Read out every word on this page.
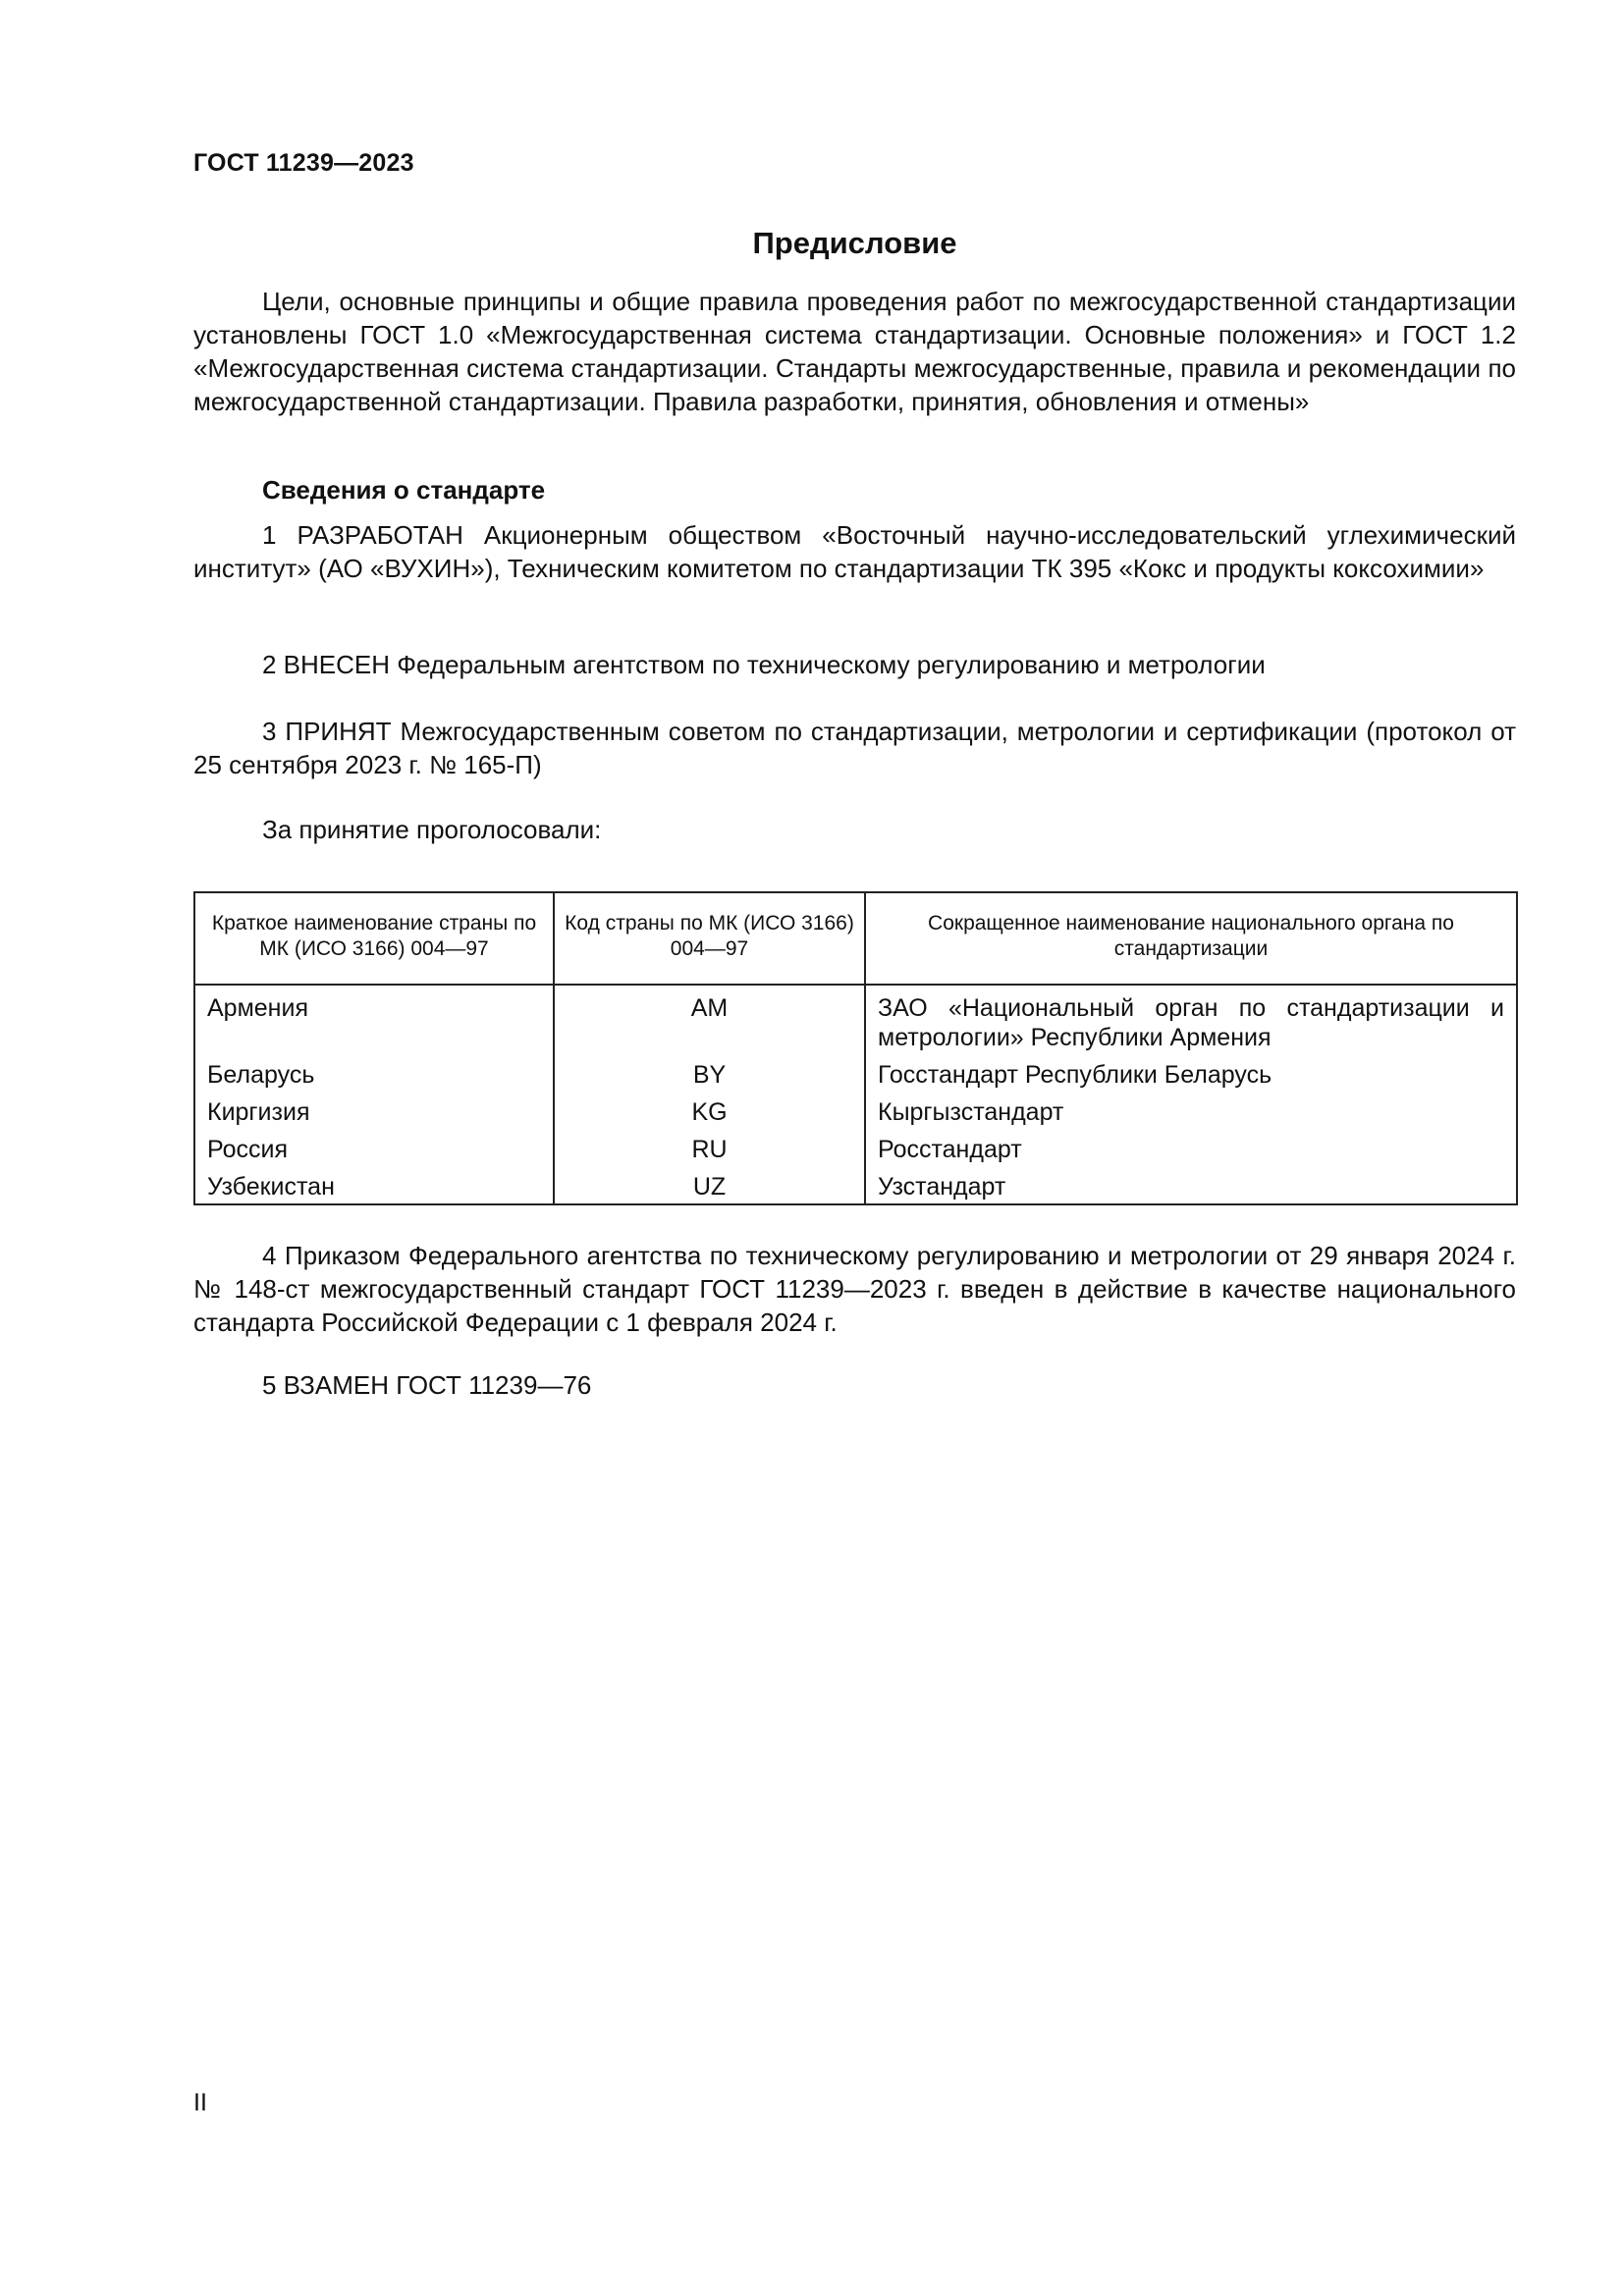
ГОСТ 11239—2023
Предисловие

Цели, основные принципы и общие правила проведения работ по межгосударственной стандартизации установлены ГОСТ 1.0 «Межгосударственная система стандартизации. Основные положения» и ГОСТ 1.2 «Межгосударственная система стандартизации. Стандарты межгосударственные, правила и рекомендации по межгосударственной стандартизации. Правила разработки, принятия, обновления и отмены»

Сведения о стандарте

1 РАЗРАБОТАН Акционерным обществом «Восточный научно-исследовательский углехимический институт» (АО «ВУХИН»), Техническим комитетом по стандартизации ТК 395 «Кокс и продукты коксохимии»

2 ВНЕСЕН Федеральным агентством по техническому регулированию и метрологии

3 ПРИНЯТ Межгосударственным советом по стандартизации, метрологии и сертификации (протокол от 25 сентября 2023 г. № 165-П)

За принятие проголосовали:

Краткое наименование страны по МК (ИСО 3166) 004—97	Код страны по МК (ИСО 3166) 004—97	Сокращенное наименование национального органа по стандартизации
Армения	AM	ЗАО «Национальный орган по стандартизации и метрологии» Республики Армения
Беларусь	BY	Госстандарт Республики Беларусь
Киргизия	KG	Кыргызстандарт
Россия	RU	Росстандарт
Узбекистан	UZ	Узстандарт

4 Приказом Федерального агентства по техническому регулированию и метрологии от 29 января 2024 г. № 148-ст межгосударственный стандарт ГОСТ 11239—2023 г. введен в действие в качестве национального стандарта Российской Федерации с 1 февраля 2024 г.

5 ВЗАМЕН ГОСТ 11239—76

II
